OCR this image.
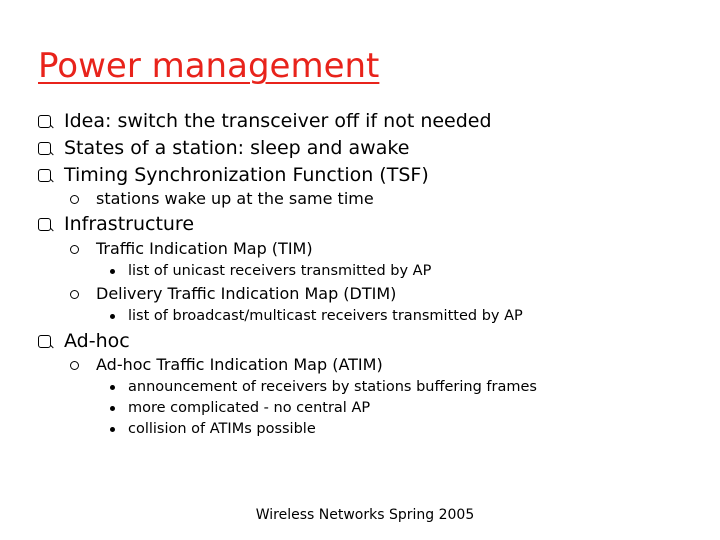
Power management
Idea: switch the transceiver off if not needed
States of a station: sleep and awake
Timing Synchronization Function (TSF)
stations wake up at the same time
Infrastructure
Traffic Indication Map (TIM)
list of unicast receivers transmitted by AP
Delivery Traffic Indication Map (DTIM)
list of broadcast/multicast receivers transmitted by AP
Ad-hoc
Ad-hoc Traffic Indication Map (ATIM)
announcement of receivers by stations buffering frames
more complicated - no central AP
collision of ATIMs possible
Wireless Networks Spring 2005
